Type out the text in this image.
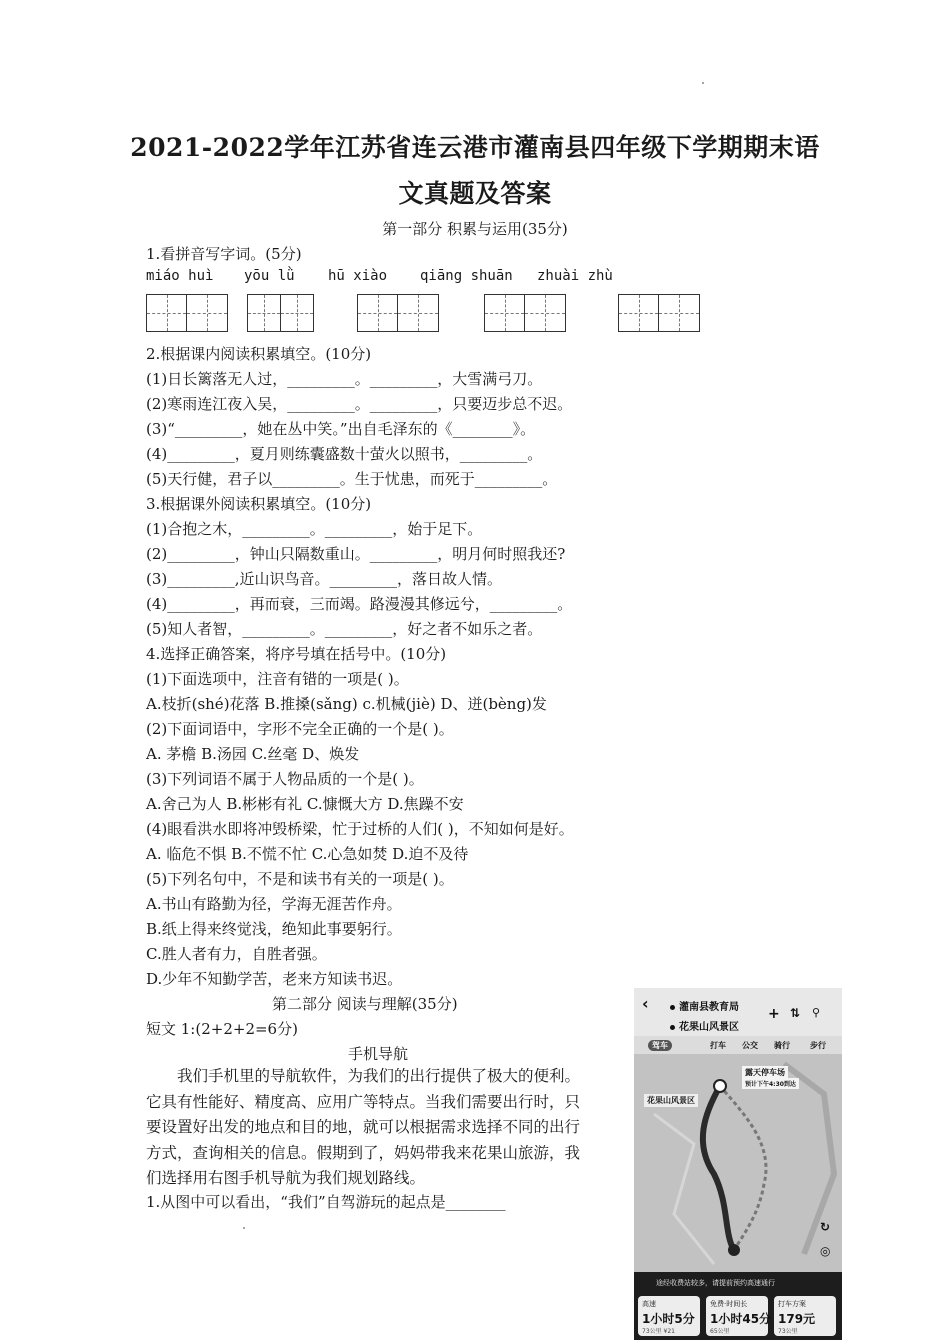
2021-2022学年江苏省连云港市灌南县四年级下学期期末语
文真题及答案
第一部分 积累与运用(35分)
1.看拼音写字词。(5分)
miáo huì yōu lǜ hū xiào qiāng shuān zhuài zhù
2.根据课内阅读积累填空。(10分)
(1)日长篱落无人过，_________。_________，大雪满弓刀。
(2)寒雨连江夜入吴，_________。_________，只要迈步总不迟。
(3)“_________，她在丛中笑。”出自毛泽东的《________》。
(4)_________，夏月则练囊盛数十萤火以照书，_________。
(5)天行健，君子以_________。生于忧患，而死于_________。
3.根据课外阅读积累填空。(10分)
(1)合抱之木，_________。_________，始于足下。
(2)_________，钟山只隔数重山。_________，明月何时照我还?
(3)_________,近山识鸟音。_________，落日故人情。
(4)_________，再而衰，三而竭。路漫漫其修远兮，_________。
(5)知人者智，_________。_________，好之者不如乐之者。
4.选择正确答案，将序号填在括号中。(10分)
(1)下面选项中，注音有错的一项是( )。
A.枝折(shé)花落 B.推搡(sǎng) c.机械(jiè) D、迸(bèng)发
(2)下面词语中，字形不完全正确的一个是( )。
A. 茅檐 B.汤园 C.丝毫 D、焕发
(3)下列词语不属于人物品质的一个是( )。
A.舍己为人 B.彬彬有礼 C.慷慨大方 D.焦躁不安
(4)眼看洪水即将冲毁桥梁，忙于过桥的人们( )，不知如何是好。
A. 临危不惧 B.不慌不忙 C.心急如焚 D.迫不及待
(5)下列名句中，不是和读书有关的一项是( )。
A.书山有路勤为径，学海无涯苦作舟。
B.纸上得来终觉浅，绝知此事要躬行。
C.胜人者有力，自胜者强。
D.少年不知勤学苦，老来方知读书迟。
第二部分 阅读与理解(35分)
短文 1:(2+2+2=6分)
手机导航
我们手机里的导航软件，为我们的出行提供了极大的便利。
它具有性能好、精度高、应用广等特点。当我们需要出行时，只
要设置好出发的地点和目的地，就可以根据需求选择不同的出行
方式，查询相关的信息。假期到了，妈妈带我来花果山旅游，我
们选择用右图手机导航为我们规划路线。
1.从图中可以看出，“我们”自驾游玩的起点是________
‹	灌南县教育局
花果山风景区
+ ⇅ ⚲
驾车	打车 公交 骑行	步行
花果山风景区
露天停车场
预计下午4:30到达
↻
◎
途经收费站较多，请提前预约高速通行
高速
1小时5分
73公里 ¥21
免费·时间长
1小时45分
65公里
打车方案
179元
73公里
